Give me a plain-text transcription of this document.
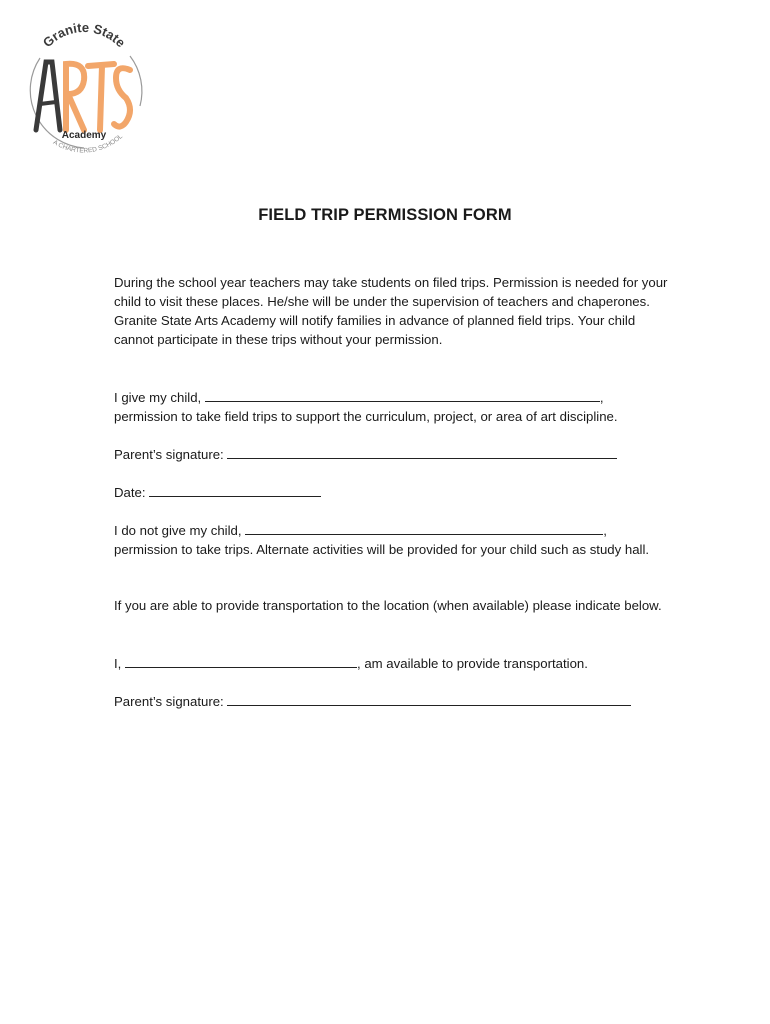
Granite State
Academy
A CHARTERED SCHOOL
FIELD TRIP PERMISSION FORM

During the school year teachers may take students on filed trips. Permission is needed for your child to visit these places. He/she will be under the supervision of teachers and chaperones.

Granite State Arts Academy will notify families in advance of planned field trips. Your child cannot participate in these trips without your permission.

I give my child,	,

permission to take field trips to support the curriculum, project, or area of art discipline.

Parent’s signature:

Date:

I do not give my child,	,

permission to take trips. Alternate activities will be provided for your child such as study hall.

If you are able to provide transportation to the location (when available) please indicate below.

I,	, am available to provide transportation.

Parent’s signature:
